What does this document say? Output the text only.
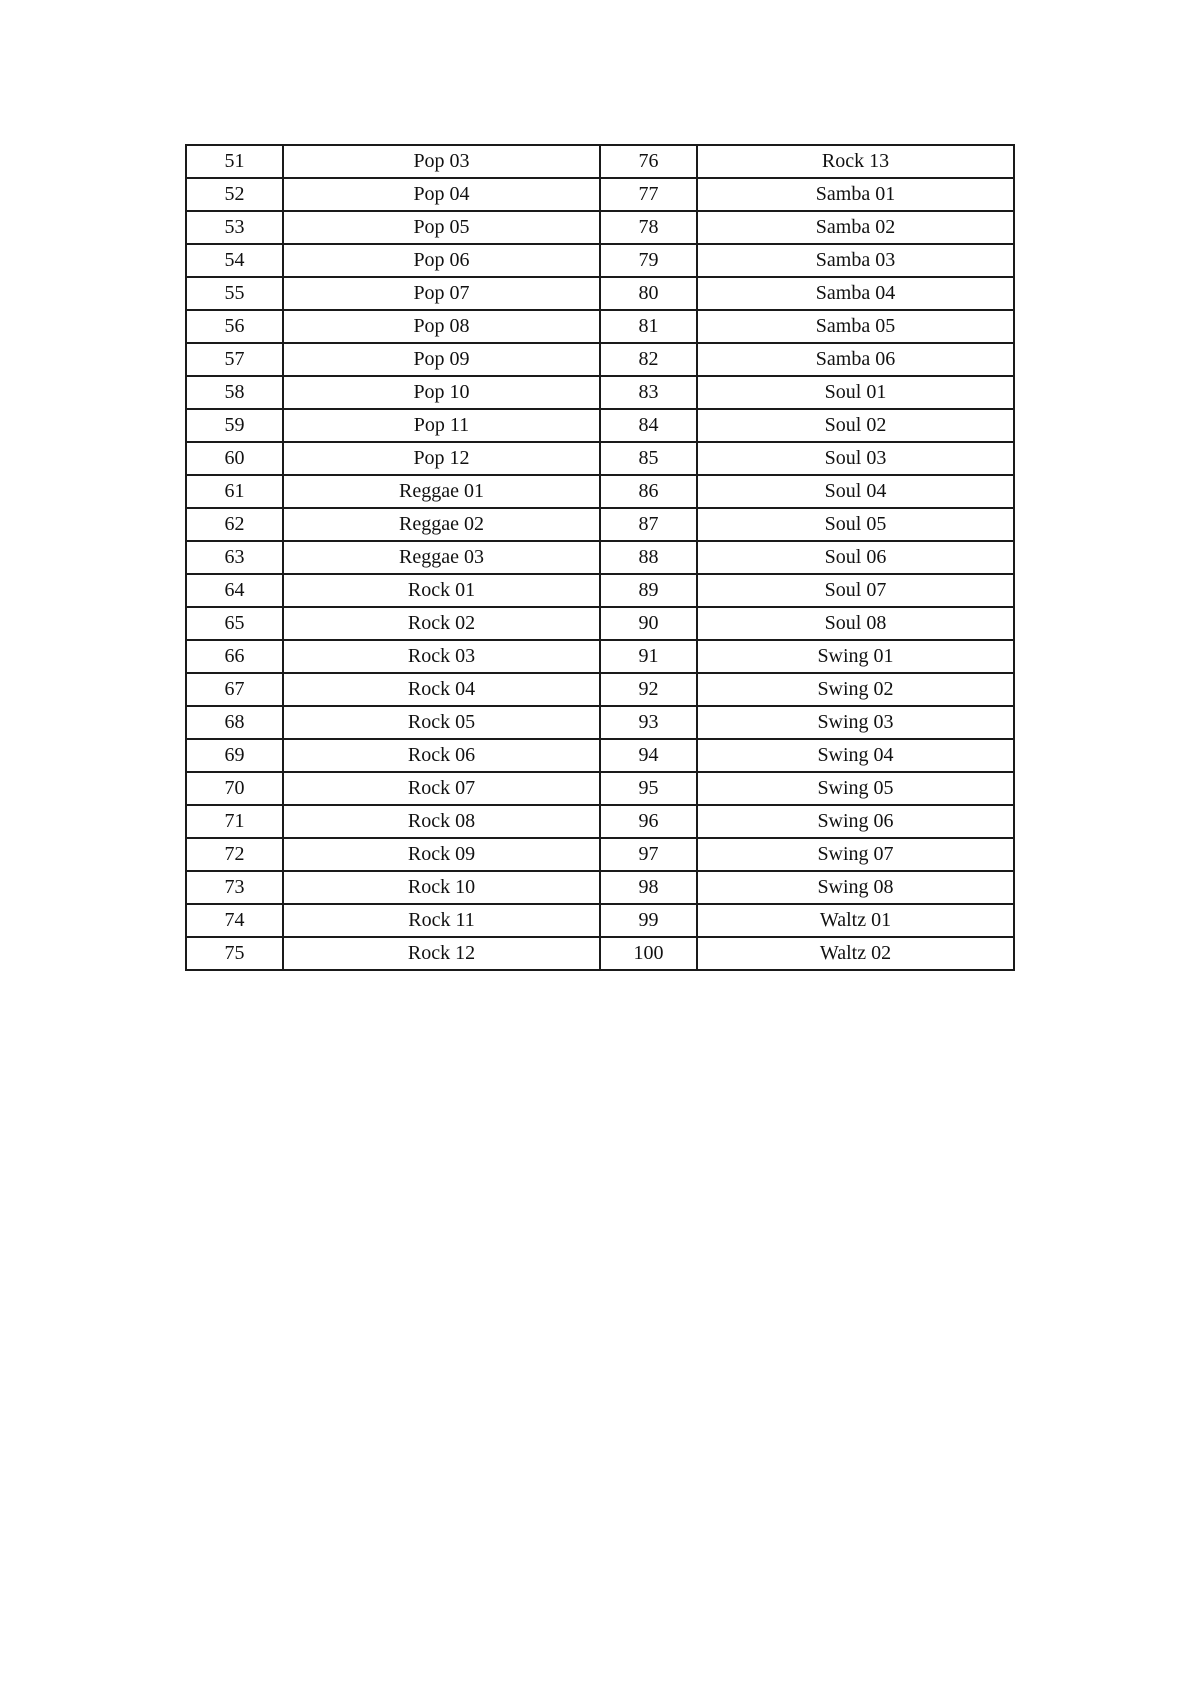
51	Pop 03	76	Rock 13
52	Pop 04	77	Samba 01
53	Pop 05	78	Samba 02
54	Pop 06	79	Samba 03
55	Pop 07	80	Samba 04
56	Pop 08	81	Samba 05
57	Pop 09	82	Samba 06
58	Pop 10	83	Soul 01
59	Pop 11	84	Soul 02
60	Pop 12	85	Soul 03
61	Reggae 01	86	Soul 04
62	Reggae 02	87	Soul 05
63	Reggae 03	88	Soul 06
64	Rock 01	89	Soul 07
65	Rock 02	90	Soul 08
66	Rock 03	91	Swing 01
67	Rock 04	92	Swing 02
68	Rock 05	93	Swing 03
69	Rock 06	94	Swing 04
70	Rock 07	95	Swing 05
71	Rock 08	96	Swing 06
72	Rock 09	97	Swing 07
73	Rock 10	98	Swing 08
74	Rock 11	99	Waltz 01
75	Rock 12	100	Waltz 02
